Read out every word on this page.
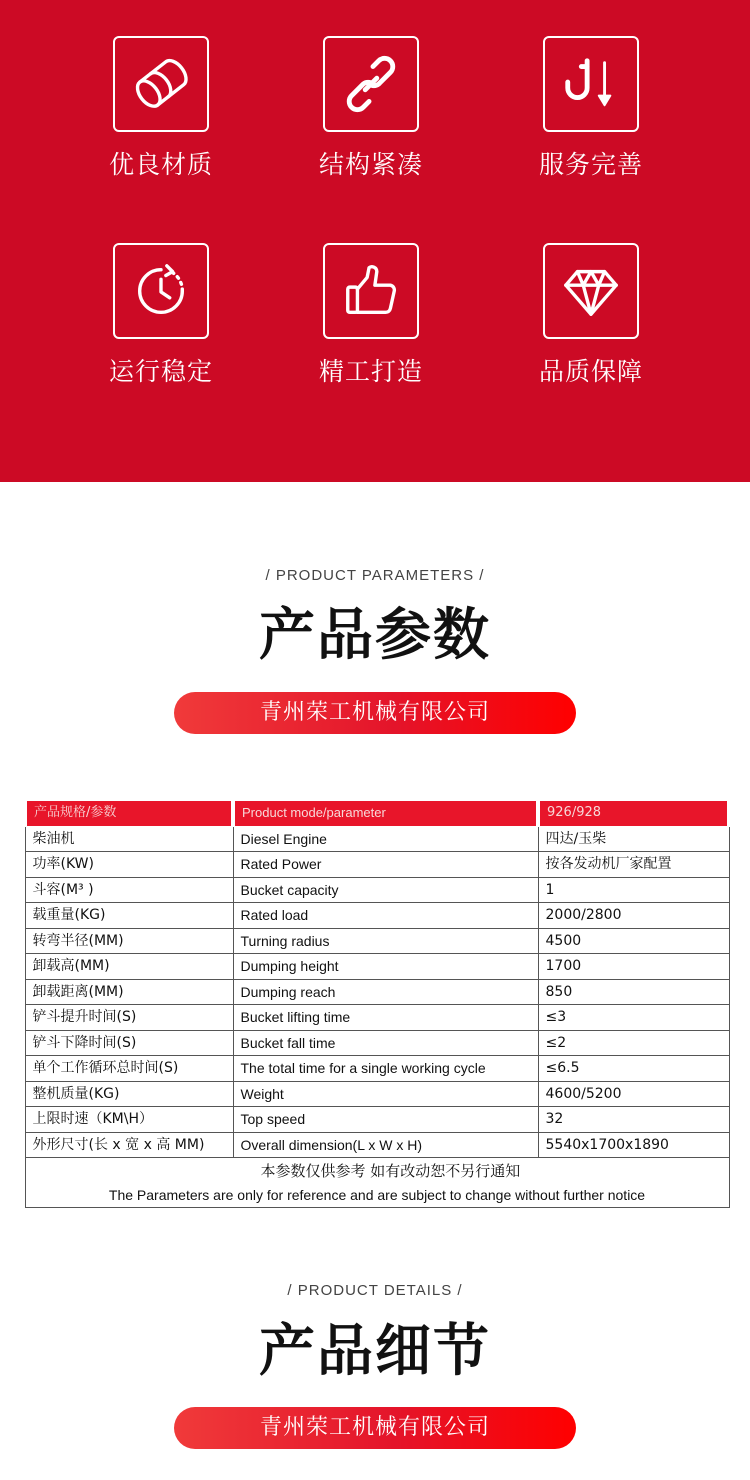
优良材质	结构紧凑	服务完善
运行稳定	精工打造	品质保障
/ PRODUCT PARAMETERS /
产品参数
青州荣工机械有限公司
产品规格/参数	Product mode/parameter	926/928
柴油机	Diesel Engine	四达/玉柴
功率(KW)	Rated Power	按各发动机厂家配置
斗容(M³ )	Bucket capacity	1
载重量(KG)	Rated load	2000/2800
转弯半径(MM)	Turning radius	4500
卸载高(MM)	Dumping height	1700
卸载距离(MM)	Dumping reach	850
铲斗提升时间(S)	Bucket lifting time	≤3
铲斗下降时间(S)	Bucket fall time	≤2
单个工作循环总时间(S)	The total time for a single working cycle	≤6.5
整机质量(KG)	Weight	4600/5200
上限时速（KM\H）	Top speed	32
外形尺寸(长 x 宽 x 高 MM)	Overall dimension(L x W x H)	5540x1700x1890

本参数仅供参考 如有改动恕不另行通知
The Parameters are only for reference and are subject to change without further notice		
/ PRODUCT DETAILS /
产品细节
青州荣工机械有限公司
